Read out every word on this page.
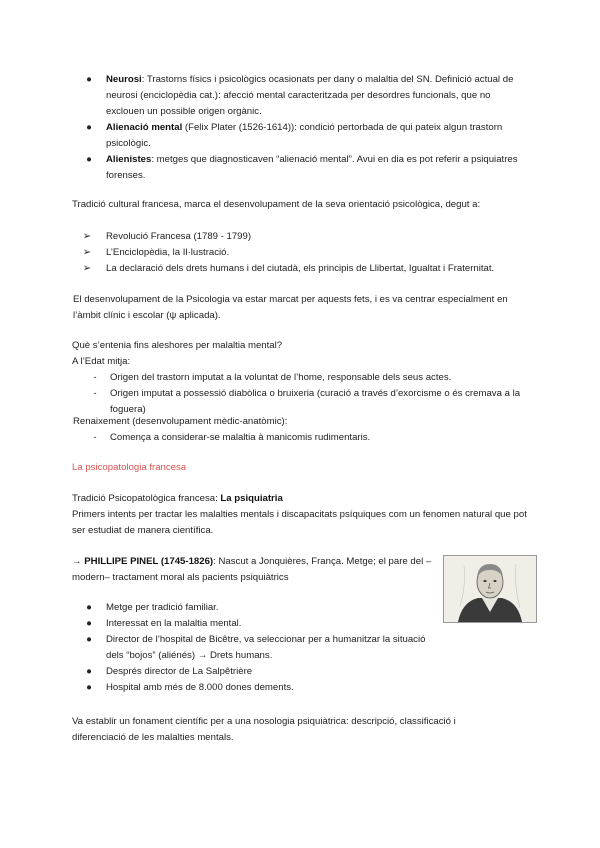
●	Neurosi: Trastorns físics i psicològics ocasionats per dany o malaltia del SN. Definició actual de neurosi (enciclopèdia cat.): afecció mental caracteritzada per desordres funcionals, que no exclouen un possible origen orgànic.
●	Alienació mental (Felix Plater (1526-1614)): condició pertorbada de qui pateix algun trastorn psicològic.
●	Alienistes: metges que diagnosticaven “alienació mental”. Avui en dia es pot referir a psiquiatres forenses.

Tradició cultural francesa, marca el desenvolupament de la seva orientació psicològica, degut a:

➢ Revolució Francesa (1789 - 1799)
➢ L’Enciclopèdia, la Il·lustració.
➢ La declaració dels drets humans i del ciutadà, els principis de Llibertat, Igualtat i Fraternitat.

El desenvolupament de la Psicologia va estar marcat per aquests fets, i es va centrar especialment en l’àmbit clínic i escolar (ψ aplicada).

Què s’entenia fins aleshores per malaltia mental?

A l’Edat mitja:

-	Origen del trastorn imputat a la voluntat de l’home, responsable dels seus actes.
-	Origen imputat a possessió diabòlica o bruixeria (curació a través d’exorcisme o és cremava a la foguera)

Renaixement (desenvolupament mèdic-anatòmic):

-	Comença a considerar-se malaltia à manicomis rudimentaris.

La psicopatologia francesa

Tradició Psicopatològica francesa: La psiquiatria

Primers intents per tractar les malalties mentals i discapacitats psíquiques com un fenomen natural que pot ser estudiat de manera científica.

→ PHILLIPE PINEL (1745-1826): Nascut a Jonquières, França. Metge; el pare del ‒modern‒ tractament moral als pacients psiquiàtrics

●	Metge per tradició familiar.
●	Interessat en la malaltia mental.
●	Director de l’hospital de Bicêtre, va seleccionar per a humanitzar la situació dels “bojos” (aliénés) → Drets humans.
●	Després director de La Salpêtrière
●	Hospital amb més de 8.000 dones dements.

Va establir un fonament científic per a una nosologia psiquiàtrica: descripció, classificació i diferenciació de les malalties mentals.
